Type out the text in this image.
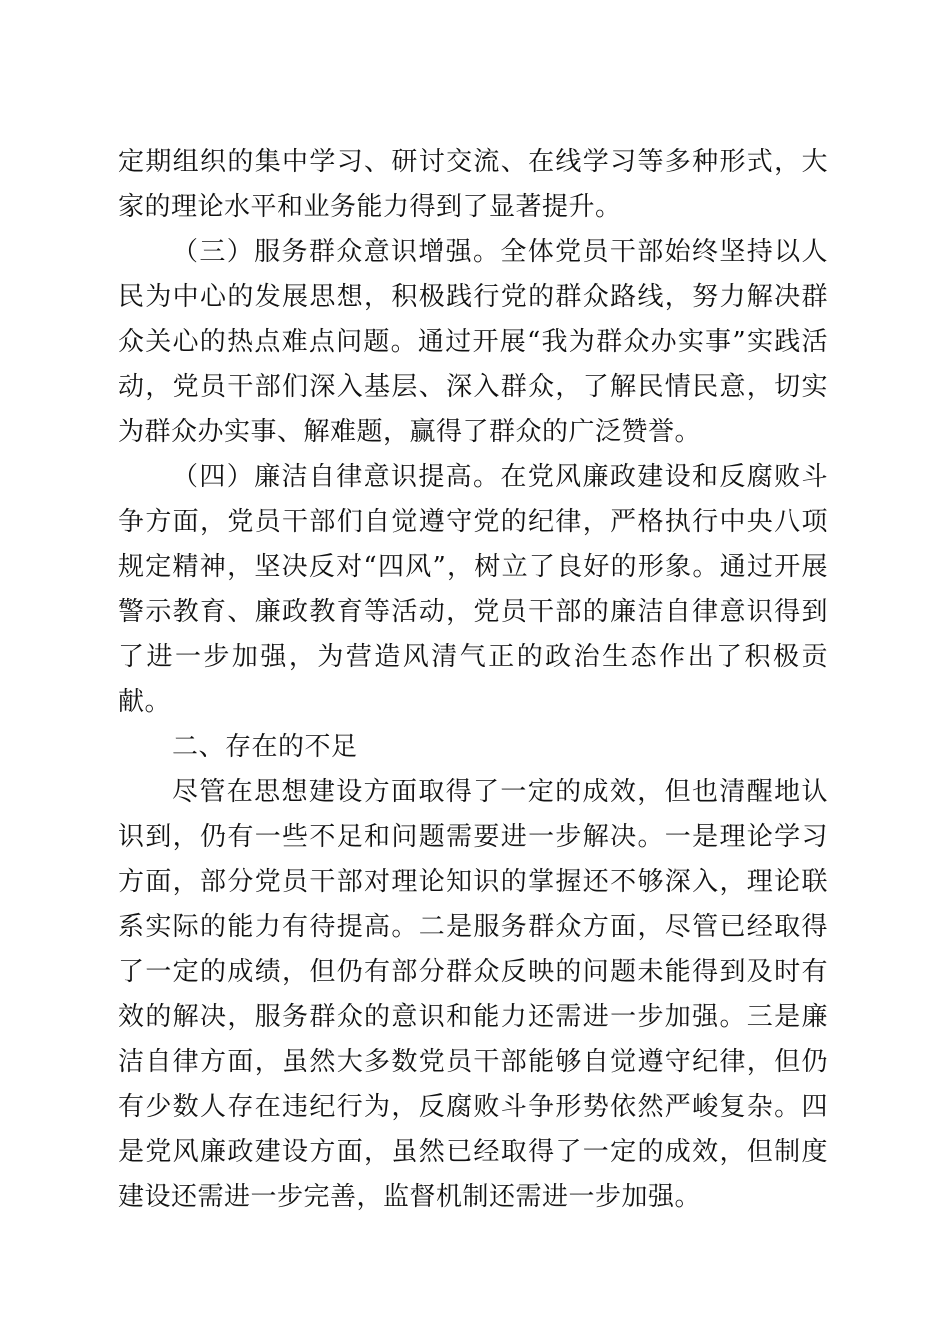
定期组织的集中学习、研讨交流、在线学习等多种形式，大家的理论水平和业务能力得到了显著提升。

（三）服务群众意识增强。全体党员干部始终坚持以人民为中心的发展思想，积极践行党的群众路线，努力解决群众关心的热点难点问题。通过开展“我为群众办实事”实践活动，党员干部们深入基层、深入群众，了解民情民意，切实为群众办实事、解难题，赢得了群众的广泛赞誉。

（四）廉洁自律意识提高。在党风廉政建设和反腐败斗争方面，党员干部们自觉遵守党的纪律，严格执行中央八项规定精神，坚决反对“四风”，树立了良好的形象。通过开展警示教育、廉政教育等活动，党员干部的廉洁自律意识得到了进一步加强，为营造风清气正的政治生态作出了积极贡献。

二、存在的不足

尽管在思想建设方面取得了一定的成效，但也清醒地认识到，仍有一些不足和问题需要进一步解决。一是理论学习方面，部分党员干部对理论知识的掌握还不够深入，理论联系实际的能力有待提高。二是服务群众方面，尽管已经取得了一定的成绩，但仍有部分群众反映的问题未能得到及时有效的解决，服务群众的意识和能力还需进一步加强。三是廉洁自律方面，虽然大多数党员干部能够自觉遵守纪律，但仍有少数人存在违纪行为，反腐败斗争形势依然严峻复杂。四是党风廉政建设方面，虽然已经取得了一定的成效，但制度建设还需进一步完善，监督机制还需进一步加强。
